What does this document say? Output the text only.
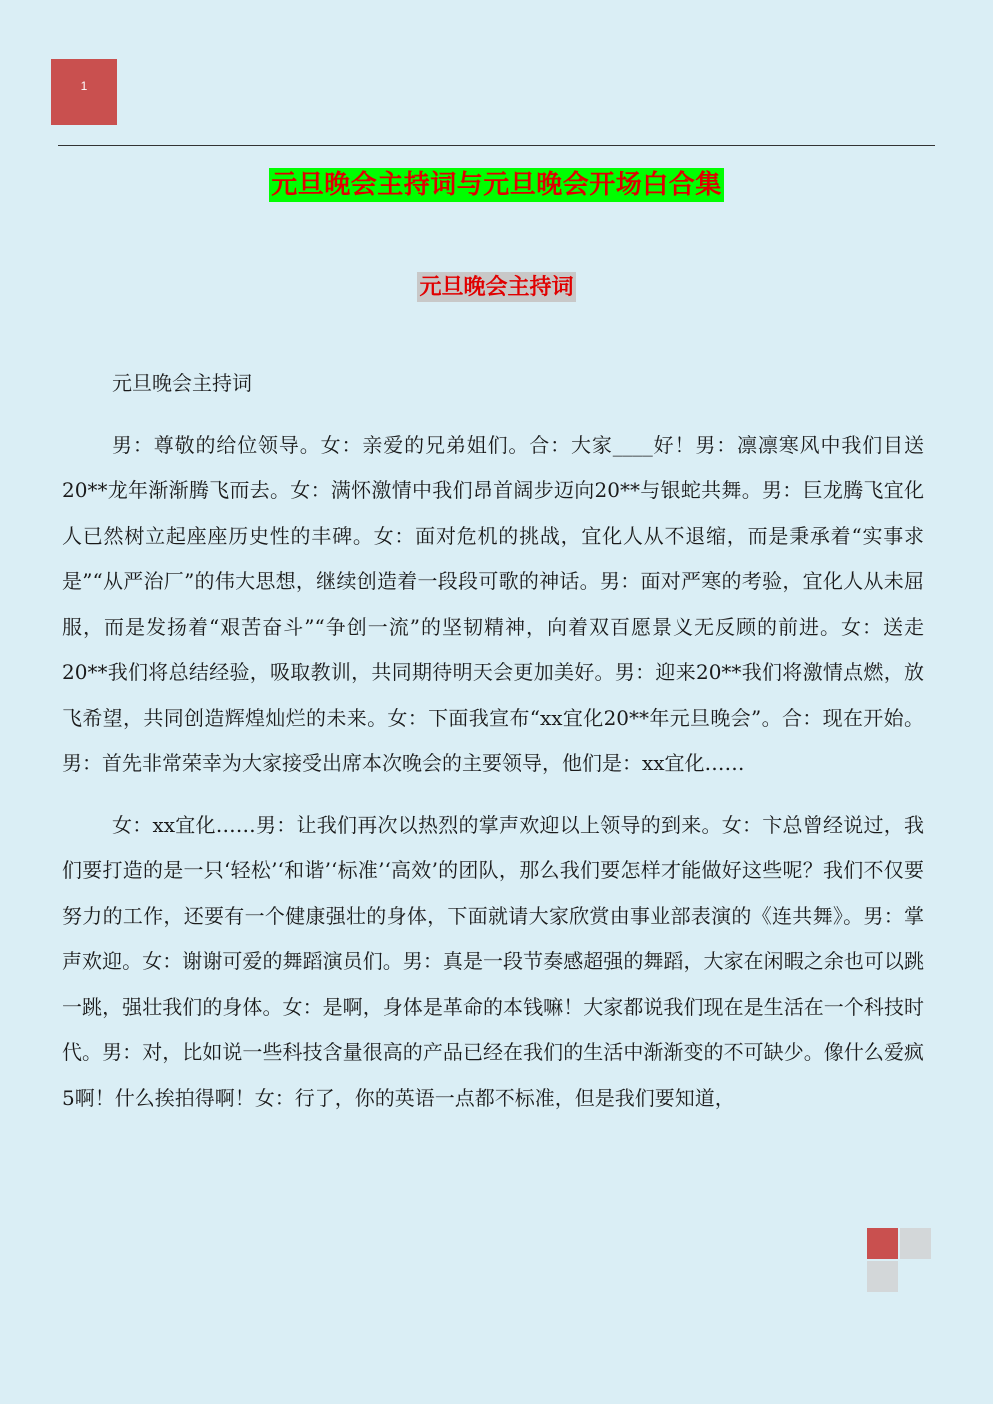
1
元旦晚会主持词与元旦晚会开场白合集
元旦晚会主持词

元旦晚会主持词

男：尊敬的给位领导。女：亲爱的兄弟姐们。合：大家____好！男：凛凛寒风中我们目送20**龙年渐渐腾飞而去。女：满怀激情中我们昂首阔步迈向20**与银蛇共舞。男：巨龙腾飞宜化人已然树立起座座历史性的丰碑。女：面对危机的挑战，宜化人从不退缩，而是秉承着“实事求是”“从严治厂”的伟大思想，继续创造着一段段可歌的神话。男：面对严寒的考验，宜化人从未屈服，而是发扬着“艰苦奋斗”“争创一流”的坚韧精神，向着双百愿景义无反顾的前进。女：送走20**我们将总结经验，吸取教训，共同期待明天会更加美好。男：迎来20**我们将激情点燃，放飞希望，共同创造辉煌灿烂的未来。女：下面我宣布“xx宜化20**年元旦晚会”。合：现在开始。男：首先非常荣幸为大家接受出席本次晚会的主要领导，他们是：xx宜化……

女：xx宜化……男：让我们再次以热烈的掌声欢迎以上领导的到来。女：卞总曾经说过，我们要打造的是一只‘轻松’‘和谐’‘标准’‘高效’的团队，那么我们要怎样才能做好这些呢？我们不仅要努力的工作，还要有一个健康强壮的身体，下面就请大家欣赏由事业部表演的《连共舞》。男：掌声欢迎。女：谢谢可爱的舞蹈演员们。男：真是一段节奏感超强的舞蹈，大家在闲暇之余也可以跳一跳，强壮我们的身体。女：是啊，身体是革命的本钱嘛！大家都说我们现在是生活在一个科技时代。男：对，比如说一些科技含量很高的产品已经在我们的生活中渐渐变的不可缺少。像什么爱疯5啊！什么挨拍得啊！女：行了，你的英语一点都不标准，但是我们要知道，
